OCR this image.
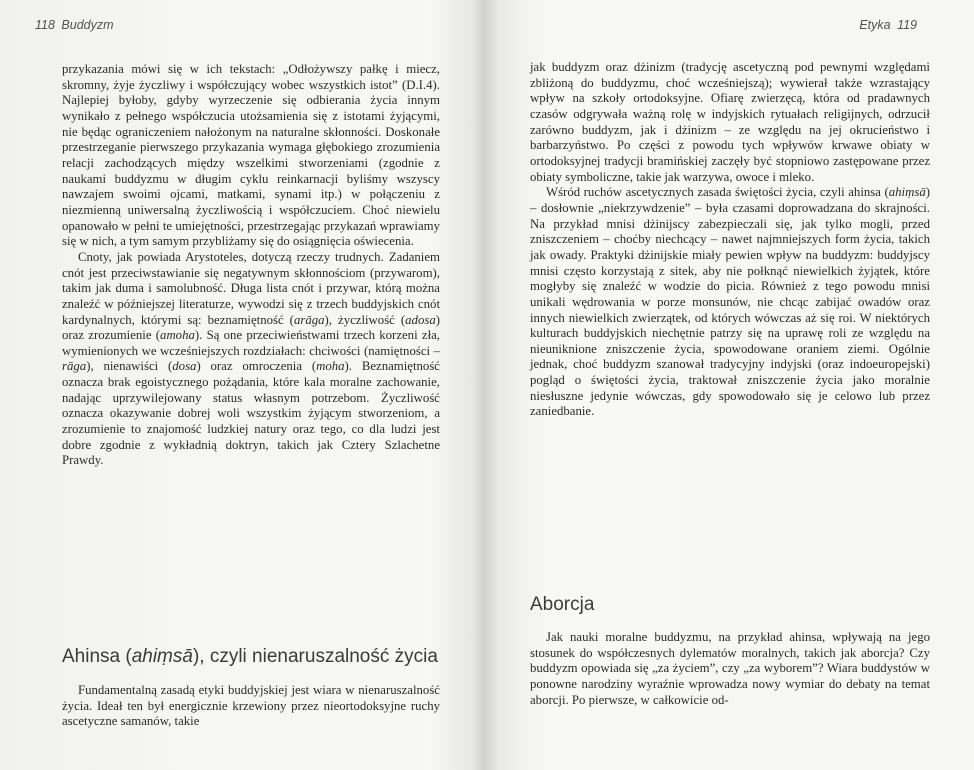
118 Buddyzm

przykazania mówi się w ich tekstach: „Odłożywszy pałkę i miecz, skromny, żyje życzliwy i współczujący wobec wszystkich istot” (D.I.4). Najlepiej byłoby, gdyby wyrzeczenie się odbierania życia innym wynikało z pełnego współczucia utożsamienia się z istotami żyjącymi, nie będąc ograniczeniem nałożonym na naturalne skłonności. Doskonałe przestrzeganie pierwszego przykazania wymaga głębokiego zrozumienia relacji zachodzących między wszelkimi stworzeniami (zgodnie z naukami buddyzmu w długim cyklu reinkarnacji byliśmy wszyscy nawzajem swoimi ojcami, matkami, synami itp.) w połączeniu z niezmienną uniwersalną życzliwością i współczuciem. Choć niewielu opanowało w pełni te umiejętności, przestrzegając przykazań wprawiamy się w nich, a tym samym przybliżamy się do osiągnięcia oświecenia.

Cnoty, jak powiada Arystoteles, dotyczą rzeczy trudnych. Zadaniem cnót jest przeciwstawianie się negatywnym skłonnościom (przywarom), takim jak duma i samolubność. Długa lista cnót i przywar, którą można znaleźć w późniejszej literaturze, wywodzi się z trzech buddyjskich cnót kardynalnych, którymi są: beznamiętność (arāga), życzliwość (adosa) oraz zrozumienie (amoha). Są one przeciwieństwami trzech korzeni zła, wymienionych we wcześniejszych rozdziałach: chciwości (namiętności – rāga), nienawiści (dosa) oraz omroczenia (moha). Beznamiętność oznacza brak egoistycznego pożądania, które kala moralne zachowanie, nadając uprzywilejowany status własnym potrzebom. Życzliwość oznacza okazywanie dobrej woli wszystkim żyjącym stworzeniom, a zrozumienie to znajomość ludzkiej natury oraz tego, co dla ludzi jest dobre zgodnie z wykładnią doktryn, takich jak Cztery Szlachetne Prawdy.

Ahinsa (ahiṃsā), czyli nienaruszalność życia

Fundamentalną zasadą etyki buddyjskiej jest wiara w nienaruszalność życia. Ideał ten był energicznie krzewiony przez nieortodoksyjne ruchy ascetyczne samanów, takie

Etyka 119

jak buddyzm oraz dżinizm (tradycję ascetyczną pod pewnymi względami zbliżoną do buddyzmu, choć wcześniejszą); wywierał także wzrastający wpływ na szkoły ortodoksyjne. Ofiarę zwierzęcą, która od pradawnych czasów odgrywała ważną rolę w indyjskich rytuałach religijnych, odrzucił zarówno buddyzm, jak i dżinizm – ze względu na jej okrucieństwo i barbarzyństwo. Po części z powodu tych wpływów krwawe obiaty w ortodoksyjnej tradycji bramińskiej zaczęły być stopniowo zastępowane przez obiaty symboliczne, takie jak warzywa, owoce i mleko.

Wśród ruchów ascetycznych zasada świętości życia, czyli ahinsa (ahiṃsā) – dosłownie „niekrzywdzenie” – była czasami doprowadzana do skrajności. Na przykład mnisi dżinijscy zabezpieczali się, jak tylko mogli, przed zniszczeniem – choćby niechcący – nawet najmniejszych form życia, takich jak owady. Praktyki dżinijskie miały pewien wpływ na buddyzm: buddyjscy mnisi często korzystają z sitek, aby nie połknąć niewielkich żyjątek, które mogłyby się znaleźć w wodzie do picia. Również z tego powodu mnisi unikali wędrowania w porze monsunów, nie chcąc zabijać owadów oraz innych niewielkich zwierzątek, od których wówczas aż się roi. W niektórych kulturach buddyjskich niechętnie patrzy się na uprawę roli ze względu na nieuniknione zniszczenie życia, spowodowane oraniem ziemi. Ogólnie jednak, choć buddyzm szanował tradycyjny indyjski (oraz indoeuropejski) pogląd o świętości życia, traktował zniszczenie życia jako moralnie niesłuszne jedynie wówczas, gdy spowodowało się je celowo lub przez zaniedbanie.

Aborcja

Jak nauki moralne buddyzmu, na przykład ahinsa, wpływają na jego stosunek do współczesnych dylematów moralnych, takich jak aborcja? Czy buddyzm opowiada się „za życiem”, czy „za wyborem”? Wiara buddystów w ponowne narodziny wyraźnie wprowadza nowy wymiar do debaty na temat aborcji. Po pierwsze, w całkowicie od-
